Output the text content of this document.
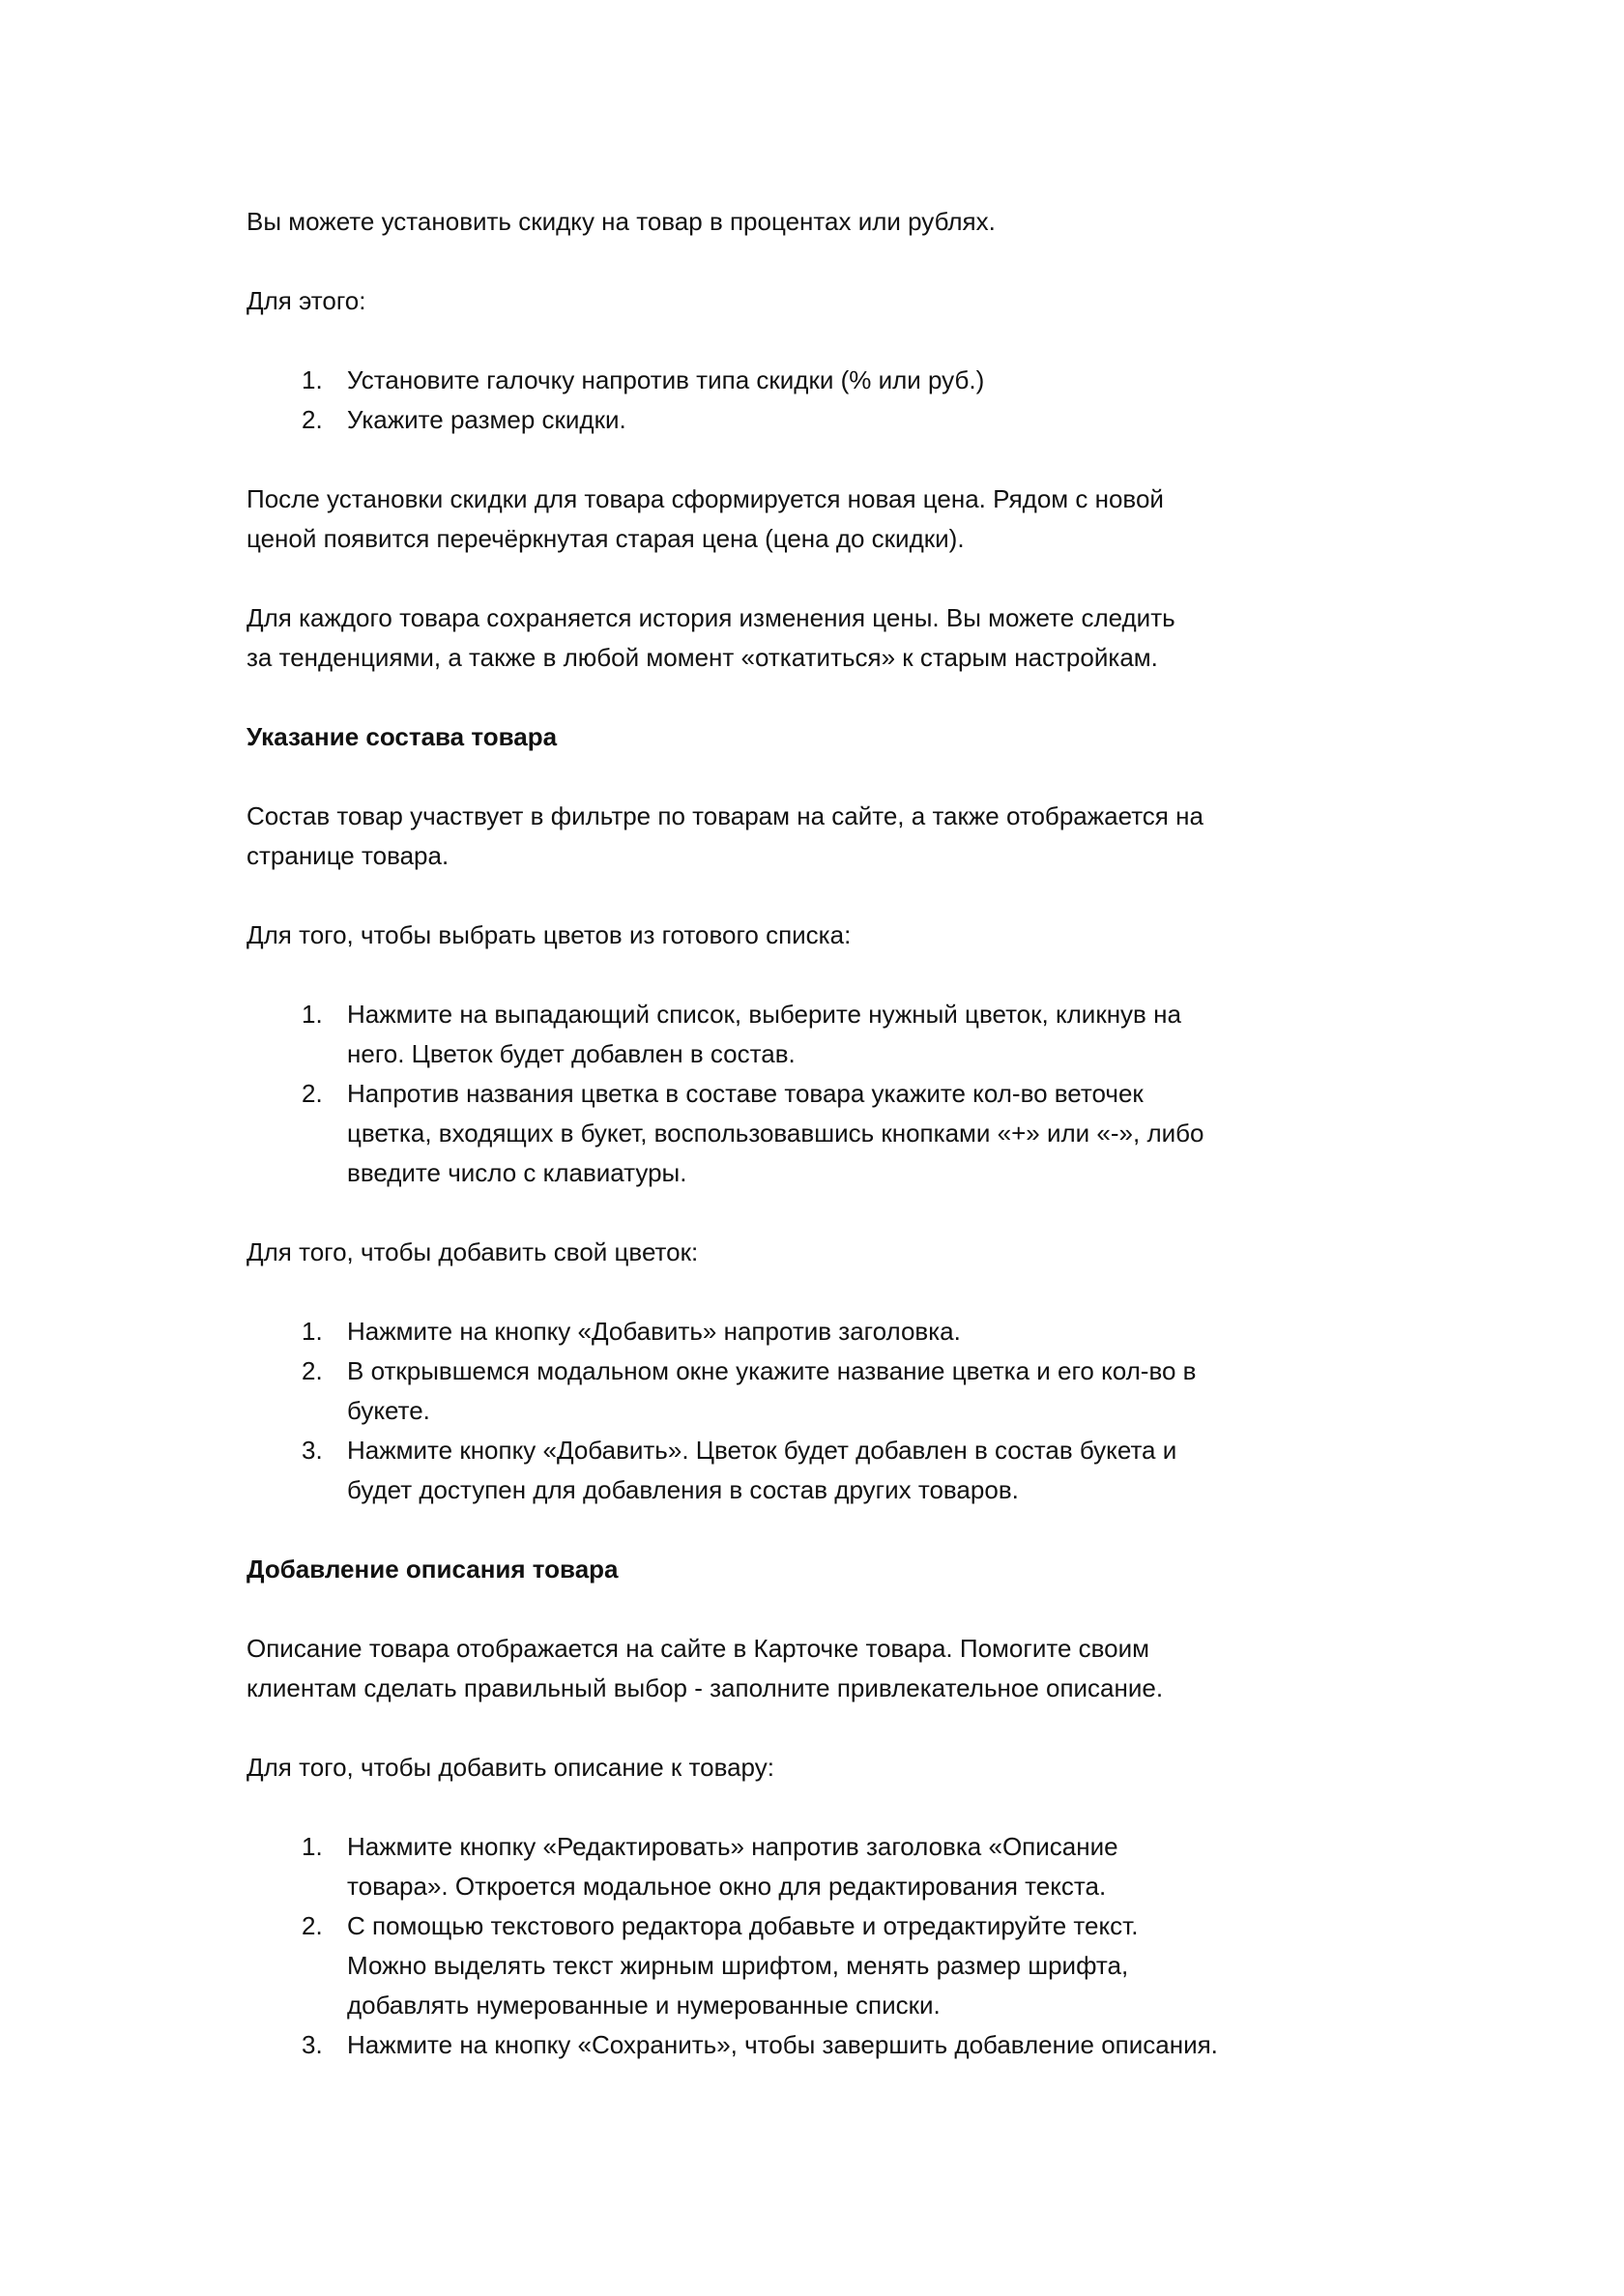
Вы можете установить скидку на товар в процентах или рублях.

Для этого:

1. Установите галочку напротив типа скидки (% или руб.)
2. Укажите размер скидки.

После установки скидки для товара сформируется новая цена. Рядом с новой
ценой появится перечёркнутая старая цена (цена до скидки).

Для каждого товара сохраняется история изменения цены. Вы можете следить
за тенденциями, а также в любой момент «откатиться» к старым настройкам.

Указание состава товара

Состав товар участвует в фильтре по товарам на сайте, а также отображается на
странице товара.

Для того, чтобы выбрать цветов из готового списка:

1. Нажмите на выпадающий список, выберите нужный цветок, кликнув на
него. Цветок будет добавлен в состав.
2. Напротив названия цветка в составе товара укажите кол-во веточек
цветка, входящих в букет, воспользовавшись кнопками «+» или «-», либо
введите число с клавиатуры.

Для того, чтобы добавить свой цветок:

1. Нажмите на кнопку «Добавить» напротив заголовка.
2. В открывшемся модальном окне укажите название цветка и его кол-во в
букете.
3. Нажмите кнопку «Добавить». Цветок будет добавлен в состав букета и
будет доступен для добавления в состав других товаров.
Добавление описания товара

Описание товара отображается на сайте в Карточке товара. Помогите своим
клиентам сделать правильный выбор - заполните привлекательное описание.

Для того, чтобы добавить описание к товару:

1. Нажмите кнопку «Редактировать» напротив заголовка «Описание
товара». Откроется модальное окно для редактирования текста.
2. С помощью текстового редактора добавьте и отредактируйте текст.
Можно выделять текст жирным шрифтом, менять размер шрифта,
добавлять нумерованные и нумерованные списки.
3. Нажмите на кнопку «Сохранить», чтобы завершить добавление описания.
